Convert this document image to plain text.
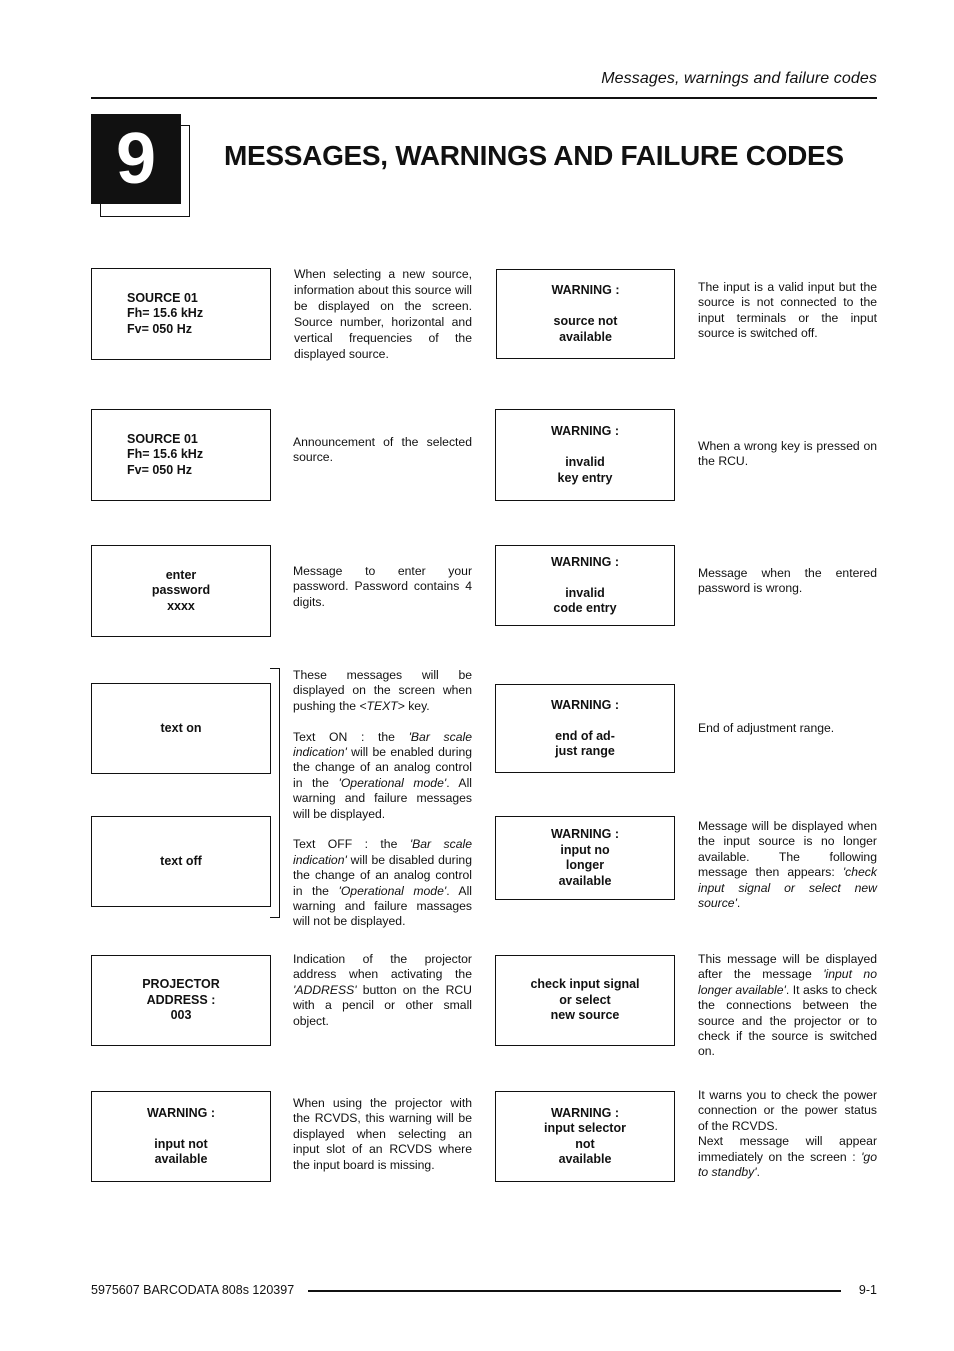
Messages, warnings and failure codes
9	MESSAGES, WARNINGS AND FAILURE CODES
SOURCE 01
Fh= 15.6 kHz
Fv= 050 Hz

When selecting a new source, information about this source will be displayed on the screen. Source number, horizontal and vertical frequencies of the displayed source.

SOURCE 01
Fh= 15.6 kHz
Fv= 050 Hz

Announcement of the selected source.

enter
password
xxxx

Message to enter your password. Password contains 4 digits.

text on
text off

These messages will be displayed on the screen when pushing the <TEXT> key.

Text ON : the 'Bar scale indication' will be enabled during the change of an analog control in the 'Operational mode'. All warning and failure messages will be displayed.

Text OFF : the 'Bar scale indication' will be disabled during the change of an analog control in the 'Operational mode'. All warning and failure massages will not be displayed.

PROJECTOR
ADDRESS :
003

Indication of the projector address when activating the 'ADDRESS' button on the RCU with a pencil or other small object.

WARNING :
input not
available

When using the projector with the RCVDS, this warning will be displayed when selecting an input slot of an RCVDS where the input board is missing.

WARNING :
source not
available

The input is a valid input but the source is not connected to the input terminals or the input source is switched off.

WARNING :
invalid
key entry

When a wrong key is pressed on the RCU.

WARNING :
invalid
code entry

Message when the entered password is wrong.

WARNING :
end of ad-
just range

End of adjustment range.

WARNING :
input no
longer
available

Message will be displayed when the input source is no longer available. The following message then appears: 'check input signal or select new source'.

check input signal
or select
new source

This message will be displayed after the message 'input no longer available'. It asks to check the connections between the source and the projector or to check if the source is switched on.

WARNING :
input selector
not
available

It warns you to check the power connection or the power status of the RCVDS.
Next message will appear immediately on the screen : 'go to standby'.

5975607 BARCODATA 808s 120397	9-1
